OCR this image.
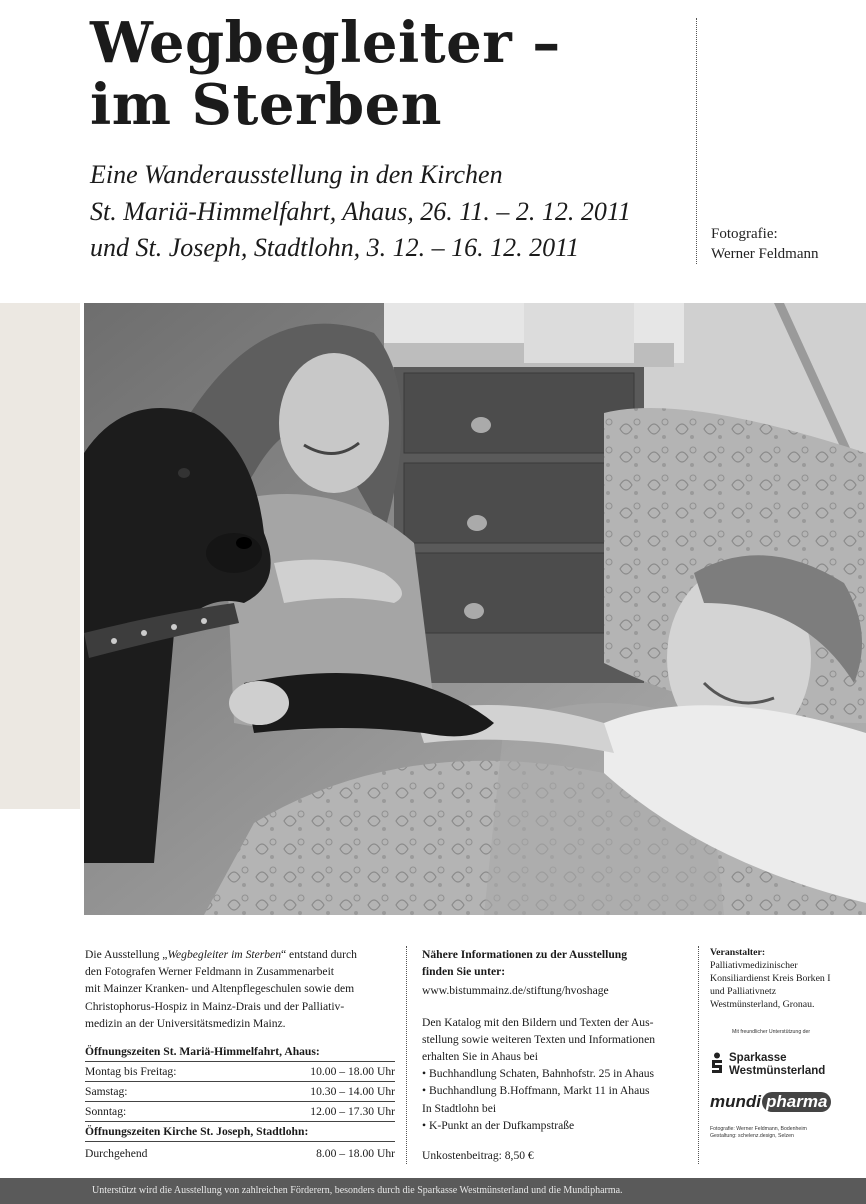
Wegbegleiter –
im Sterben
Eine Wanderausstellung in den Kirchen
St. Mariä-Himmelfahrt, Ahaus, 26. 11. – 2. 12. 2011
und St. Joseph, Stadtlohn, 3. 12. – 16. 12. 2011	Fotografie:
Werner Feldmann

Die Ausstellung „Wegbegleiter im Sterben“ entstand durch

den Fotografen Werner Feldmann in Zusammenarbeit

mit Mainzer Kranken- und Altenpflegeschulen sowie dem

Christophorus-Hospiz in Mainz-Drais und der Palliativ-

medizin an der Universitätsmedizin Mainz.

Öffnungszeiten St. Mariä-Himmelfahrt, Ahaus:
Montag bis Freitag:	10.00 – 18.00 Uhr
Samstag:	10.30 – 14.00 Uhr
Sonntag:	12.00 – 17.30 Uhr
Öffnungszeiten Kirche St. Joseph, Stadtlohn:
Durchgehend	8.00 – 18.00 Uhr

Nähere Informationen zu der Ausstellung

finden Sie unter:

www.bistummainz.de/stiftung/hvoshage

Den Katalog mit den Bildern und Texten der Aus-

stellung sowie weiteren Texten und Informationen

erhalten Sie in Ahaus bei

• Buchhandlung Schaten, Bahnhofstr. 25 in Ahaus

• Buchhandlung B.Hoffmann, Markt 11 in Ahaus

In Stadtlohn bei

• K-Punkt an der Dufkampstraße

Unkostenbeitrag: 8,50 €

Veranstalter:

Palliativmedizinischer

Konsiliardienst Kreis Borken I

und Palliativnetz

Westmünsterland, Gronau.

Mit freundlicher Unterstützung der
Sparkasse
Westmünsterland
mundi pharma
Fotografie: Werner Feldmann, Bodenheim
Gestaltung: schelenz.design, Selzen
Unterstützt wird die Ausstellung von zahlreichen Förderern, besonders durch die Sparkasse Westmünsterland und die Mundipharma.
